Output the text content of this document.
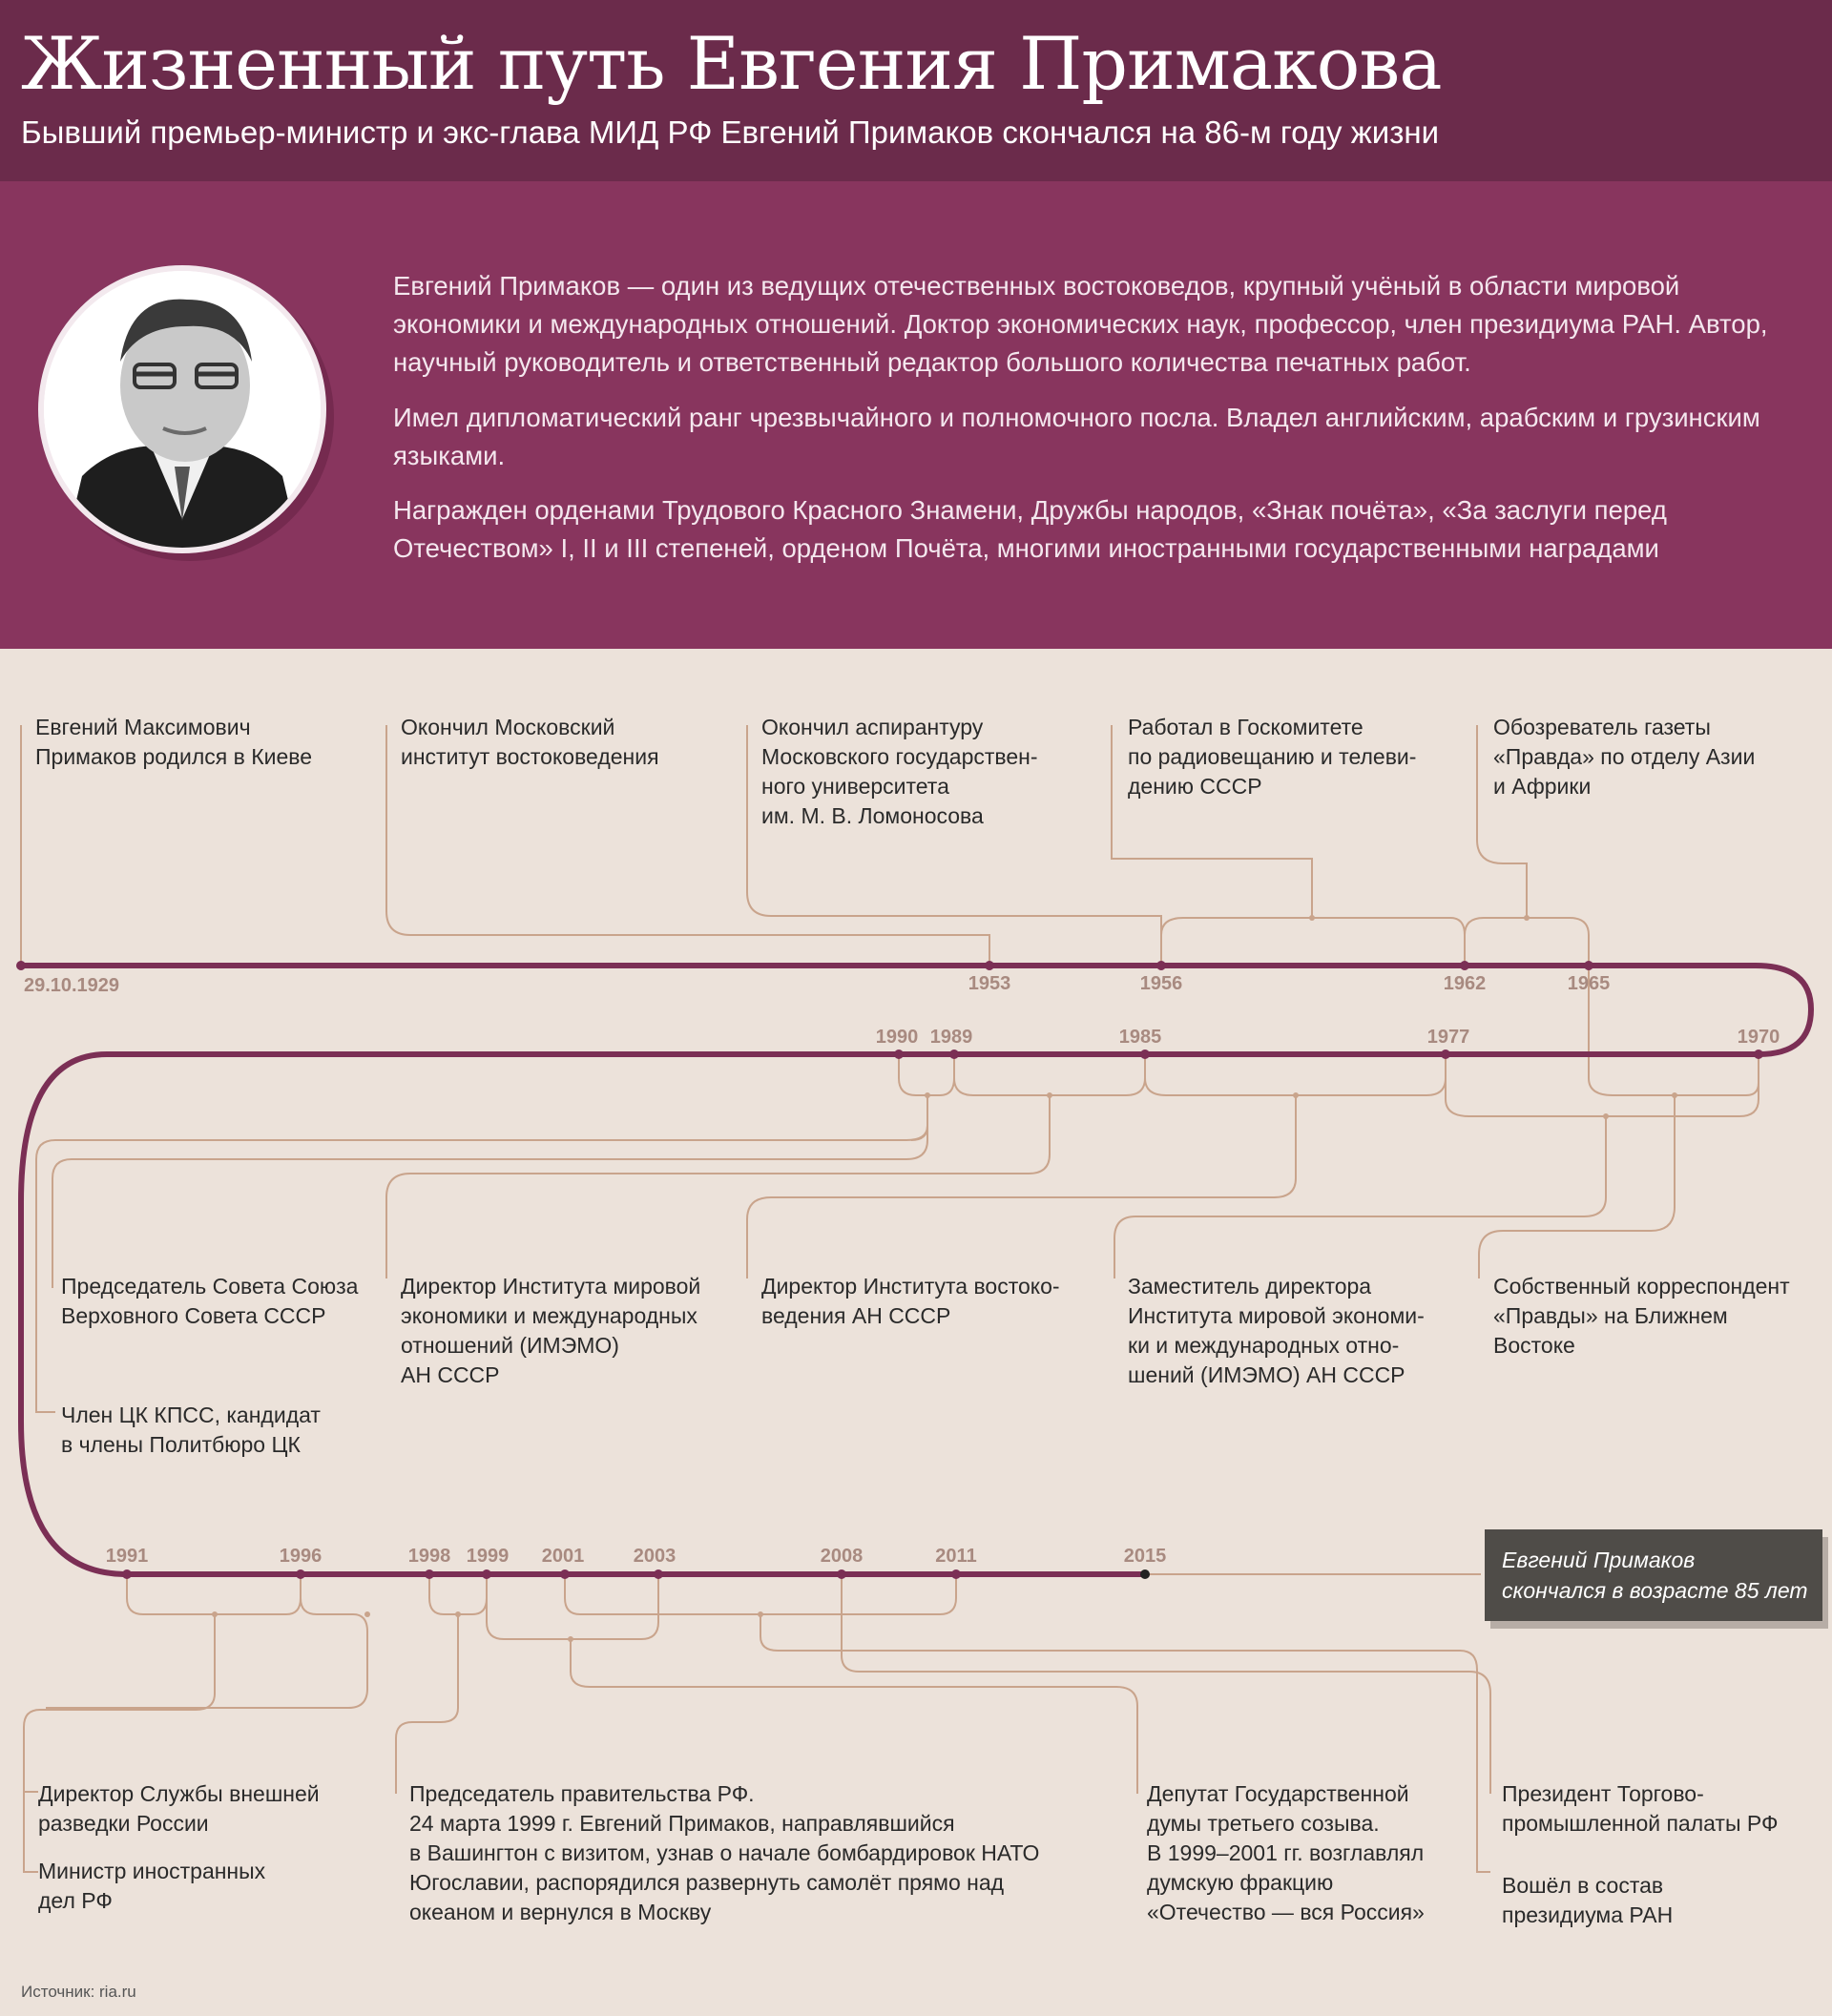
Жизненный путь Евгения Примакова
Бывший премьер-министр и экс-глава МИД РФ Евгений Примаков скончался на 86-м году жизни
Евгений Примаков — один из ведущих отечественных востоковедов, крупный учёный в области мировой экономики и международных отношений. Доктор экономических наук, профессор, член президиума РАН. Автор, научный руководитель и ответственный редактор большого количества печатных работ.
Имел дипломатический ранг чрезвычайного и полномочного посла. Владел английским, арабским и грузинским языками.
Награжден орденами Трудового Красного Знамени, Дружбы народов, «Знак почёта», «За заслуги перед Отечеством» I, II и III степеней, орденом Почёта, многими иностранными государственными наградами
29.10.1929	1953	1956	1962	1965
1990 1989	1985	1977	1970
1991	1996	1998 1999 2001	2003	2008	2011	2015
Евгений Максимович
Примаков родился в Киеве
Окончил Московский
институт востоковедения
Окончил аспирантуру
Московского государствен-
ного университета
им. М. В. Ломоносова
Работал в Госкомитете
по радиовещанию и телеви-
дению СССР
Обозреватель газеты
«Правда» по отделу Азии
и Африки
Председатель Совета Союза
Верховного Совета СССР
Член ЦК КПСС, кандидат
в члены Политбюро ЦК
Директор Института мировой
экономики и международных
отношений (ИМЭМО)
АН СССР
Директор Института востоко-
ведения АН СССР
Заместитель директора
Института мировой экономи-
ки и международных отно-
шений (ИМЭМО) АН СССР
Собственный корреспондент
«Правды» на Ближнем
Востоке
Директор Службы внешней
разведки России
Министр иностранных
дел РФ
Председатель правительства РФ.
24 марта 1999 г. Евгений Примаков, направлявшийся
в Вашингтон с визитом, узнав о начале бомбардировок НАТО
Югославии, распорядился развернуть самолёт прямо над
океаном и вернулся в Москву
Депутат Государственной
думы третьего созыва.
В 1999–2001 гг. возглавлял
думскую фракцию
«Отечество — вся Россия»
Президент Торгово-
промышленной палаты РФ
Вошёл в состав
президиума РАН
Евгений Примаков
скончался в возрасте 85 лет
Источник: ria.ru
